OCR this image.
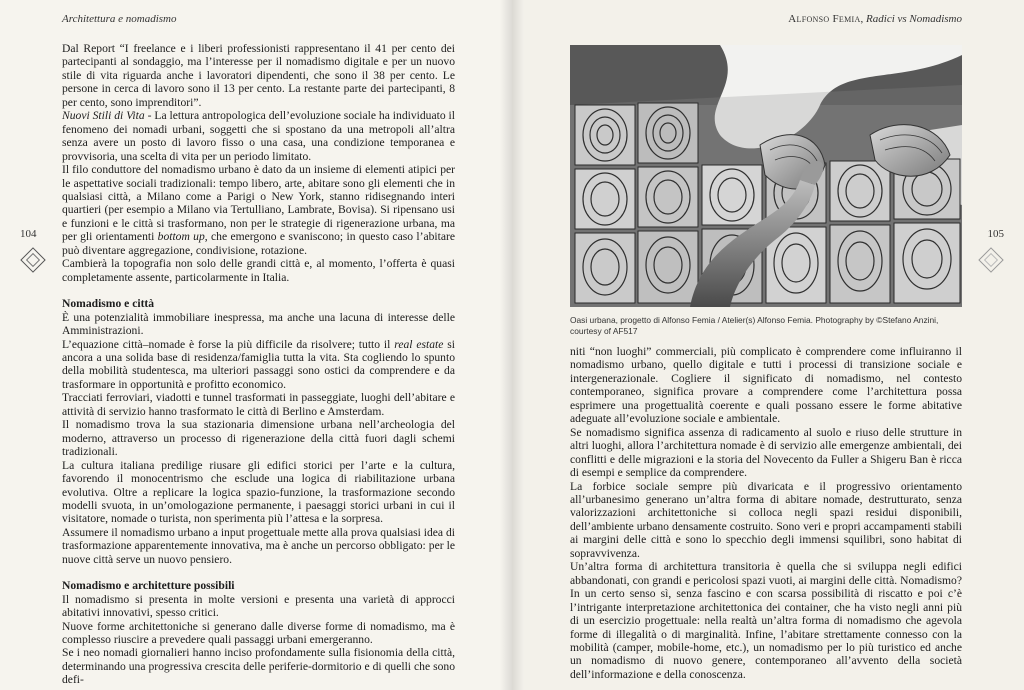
Architettura e nomadismo	Alfonso Femia, Radici vs Nomadismo
104	105

Dal Report “I freelance e i liberi professionisti rappresentano il 41 per cento dei partecipanti al sondaggio, ma l’interesse per il nomadismo digitale e per un nuovo stile di vita riguarda anche i lavoratori dipendenti, che sono il 38 per cento. Le persone in cerca di lavoro sono il 13 per cento. La restante parte dei partecipanti, 8 per cento, sono imprenditori”.

Nuovi Stili di Vita - La lettura antropologica dell’evoluzione sociale ha individuato il fenomeno dei nomadi urbani, soggetti che si spostano da una metropoli all’altra senza avere un posto di lavoro fisso o una casa, una condizione temporanea e provvisoria, una scelta di vita per un periodo limitato.

Il filo conduttore del nomadismo urbano è dato da un insieme di elementi atipici per le aspettative sociali tradizionali: tempo libero, arte, abitare sono gli elementi che in qualsiasi città, a Milano come a Parigi o New York, stanno ridisegnando interi quartieri (per esempio a Milano via Tertulliano, Lambrate, Bovisa). Si ripensano usi e funzioni e le città si trasformano, non per le strategie di rigenerazione urbana, ma per gli orientamenti bottom up, che emergono e svaniscono; in questo caso l’abitare può diventare aggregazione, condivisione, rotazione.

Cambierà la topografia non solo delle grandi città e, al momento, l’offerta è quasi completamente assente, particolarmente in Italia.

Nomadismo e città

È una potenzialità immobiliare inespressa, ma anche una lacuna di interesse delle Amministrazioni.

L’equazione città–nomade è forse la più difficile da risolvere; tutto il real estate si ancora a una solida base di residenza/famiglia tutta la vita. Sta cogliendo lo spunto della mobilità studentesca, ma ulteriori passaggi sono ostici da comprendere e da trasformare in opportunità e profitto economico.

Tracciati ferroviari, viadotti e tunnel trasformati in passeggiate, luoghi dell’abitare e attività di servizio hanno trasformato le città di Berlino e Amsterdam.

Il nomadismo trova la sua stazionaria dimensione urbana nell’archeologia del moderno, attraverso un processo di rigenerazione della città fuori dagli schemi tradizionali.

La cultura italiana predilige riusare gli edifici storici per l’arte e la cultura, favorendo il monocentrismo che esclude una logica di riabilitazione urbana evolutiva. Oltre a replicare la logica spazio-funzione, la trasformazione secondo modelli svuota, in un’omologazione permanente, i paesaggi storici urbani in cui il visitatore, nomade o turista, non sperimenta più l’attesa e la sorpresa.

Assumere il nomadismo urbano a input progettuale mette alla prova qualsiasi idea di trasformazione apparentemente innovativa, ma è anche un percorso obbligato: per le nuove città serve un nuovo pensiero.

Nomadismo e architetture possibili

Il nomadismo si presenta in molte versioni e presenta una varietà di approcci abitativi innovativi, spesso critici.

Nuove forme architettoniche si generano dalle diverse forme di nomadismo, ma è complesso riuscire a prevedere quali passaggi urbani emergeranno.

Se i neo nomadi giornalieri hanno inciso profondamente sulla fisionomia della città, determinando una progressiva crescita delle periferie-dormitorio e di quelli che sono defi-

Oasi urbana, progetto di Alfonso Femia / Atelier(s) Alfonso Femia. Photography by ©Stefano Anzini, courtesy of AF517

niti “non luoghi” commerciali, più complicato è comprendere come influiranno il nomadismo urbano, quello digitale e tutti i processi di transizione sociale e intergenerazionale. Cogliere il significato di nomadismo, nel contesto contemporaneo, significa provare a comprendere come l’architettura possa esprimere una progettualità coerente e quali possano essere le forme abitative adeguate all’evoluzione sociale e ambientale.

Se nomadismo significa assenza di radicamento al suolo e riuso delle strutture in altri luoghi, allora l’architettura nomade è di servizio alle emergenze ambientali, dei conflitti e delle migrazioni e la storia del Novecento da Fuller a Shigeru Ban è ricca di esempi e semplice da comprendere.

La forbice sociale sempre più divaricata e il progressivo orientamento all’urbanesimo generano un’altra forma di abitare nomade, destrutturato, senza valorizzazioni architettoniche si colloca negli spazi residui disponibili, dell’ambiente urbano densamente costruito. Sono veri e propri accampamenti stabili ai margini delle città e sono lo specchio degli immensi squilibri, sono habitat di sopravvivenza.

Un’altra forma di architettura transitoria è quella che si sviluppa negli edifici abbandonati, con grandi e pericolosi spazi vuoti, ai margini delle città. Nomadismo? In un certo senso sì, senza fascino e con scarsa possibilità di riscatto e poi c’è l’intrigante interpretazione architettonica dei container, che ha visto negli anni più di un esercizio progettuale: nella realtà un’altra forma di nomadismo che agevola forme di illegalità o di marginalità. Infine, l’abitare strettamente connesso con la mobilità (camper, mobile-home, etc.), un nomadismo per lo più turistico ed anche un nomadismo di nuovo genere, contemporaneo all’avvento della società dell’informazione e della conoscenza.
